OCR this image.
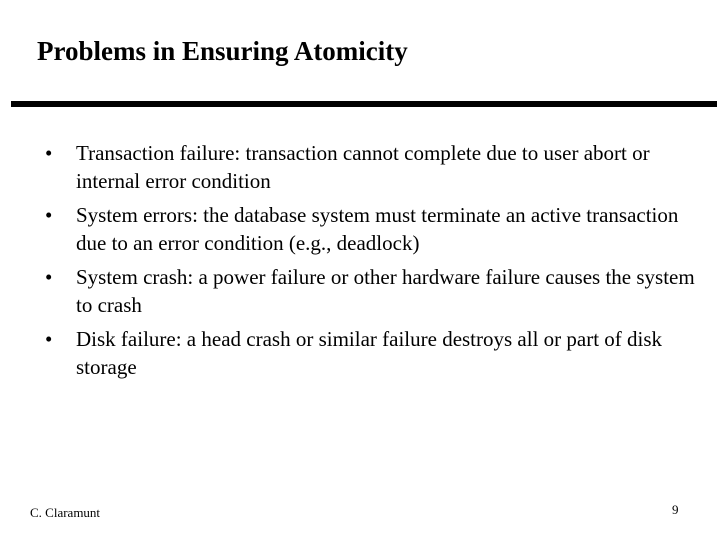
Problems in Ensuring Atomicity
• Transaction failure: transaction cannot complete due to user abort or internal error condition
• System errors: the database system must terminate an active transaction due to an error condition (e.g., deadlock)
• System crash: a power failure or other hardware failure causes the system to crash
• Disk failure: a head crash or similar failure destroys all or part of disk storage
C. Claramunt	9
